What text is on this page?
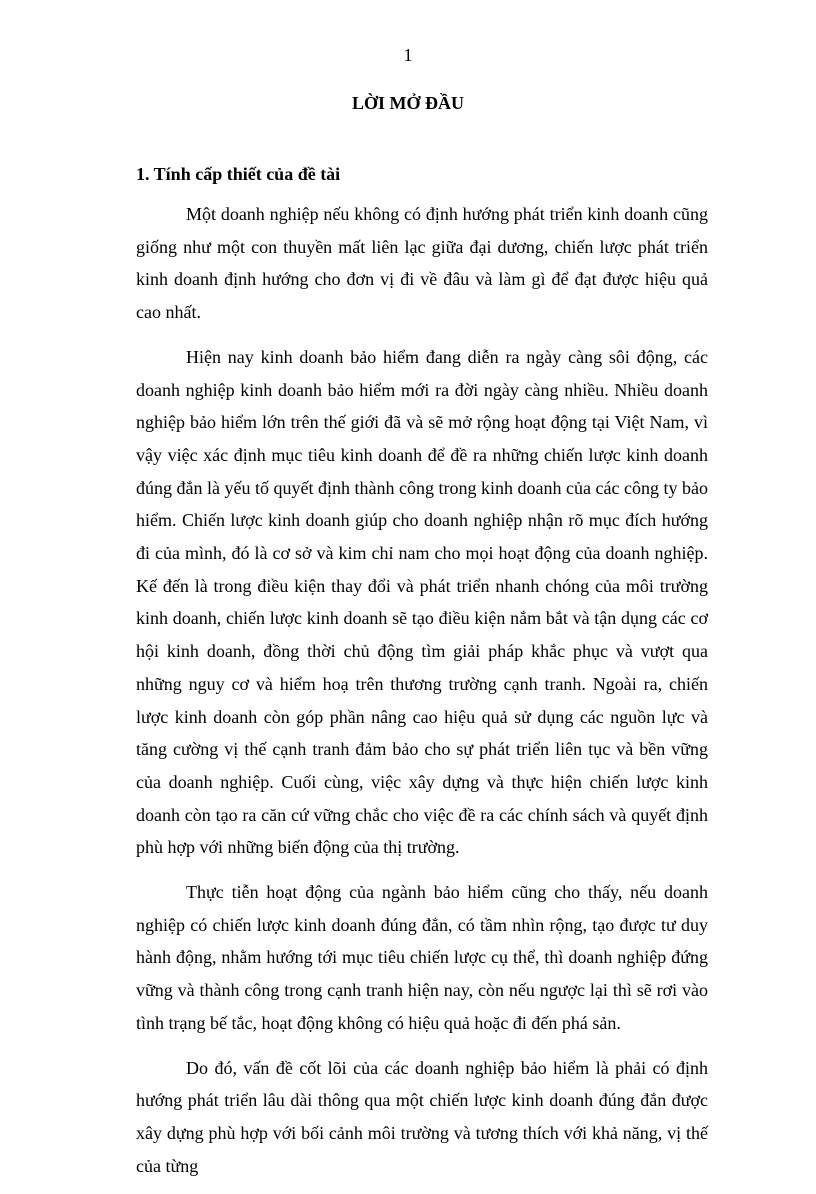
1
LỜI MỞ ĐẦU
1. Tính cấp thiết của đề tài

Một doanh nghiệp nếu không có định hướng phát triển kinh doanh cũng giống như một con thuyền mất liên lạc giữa đại dương, chiến lược phát triển kinh doanh định hướng cho đơn vị đi về đâu và làm gì để đạt được hiệu quả cao nhất.

Hiện nay kinh doanh bảo hiểm đang diễn ra ngày càng sôi động, các doanh nghiệp kinh doanh bảo hiểm mới ra đời ngày càng nhiều. Nhiều doanh nghiệp bảo hiểm lớn trên thế giới đã và sẽ mở rộng hoạt động tại Việt Nam, vì vậy việc xác định mục tiêu kinh doanh để đề ra những chiến lược kinh doanh đúng đắn là yếu tố quyết định thành công trong kinh doanh của các công ty bảo hiểm. Chiến lược kinh doanh giúp cho doanh nghiệp nhận rõ mục đích hướng đi của mình, đó là cơ sở và kim chỉ nam cho mọi hoạt động của doanh nghiệp. Kế đến là trong điều kiện thay đổi và phát triển nhanh chóng của môi trường kinh doanh, chiến lược kinh doanh sẽ tạo điều kiện nắm bắt và tận dụng các cơ hội kinh doanh, đồng thời chủ động tìm giải pháp khắc phục và vượt qua những nguy cơ và hiểm hoạ trên thương trường cạnh tranh. Ngoài ra, chiến lược kinh doanh còn góp phần nâng cao hiệu quả sử dụng các nguồn lực và tăng cường vị thế cạnh tranh đảm bảo cho sự phát triển liên tục và bền vững của doanh nghiệp. Cuối cùng, việc xây dựng và thực hiện chiến lược kinh doanh còn tạo ra căn cứ vững chắc cho việc đề ra các chính sách và quyết định phù hợp với những biến động của thị trường.

Thực tiễn hoạt động của ngành bảo hiểm cũng cho thấy, nếu doanh nghiệp có chiến lược kinh doanh đúng đắn, có tầm nhìn rộng, tạo được tư duy hành động, nhằm hướng tới mục tiêu chiến lược cụ thể, thì doanh nghiệp đứng vững và thành công trong cạnh tranh hiện nay, còn nếu ngược lại thì sẽ rơi vào tình trạng bế tắc, hoạt động không có hiệu quả hoặc đi đến phá sản.

Do đó, vấn đề cốt lõi của các doanh nghiệp bảo hiểm là phải có định hướng phát triển lâu dài thông qua một chiến lược kinh doanh đúng đắn được xây dựng phù hợp với bối cảnh môi trường và tương thích với khả năng, vị thế của từng
